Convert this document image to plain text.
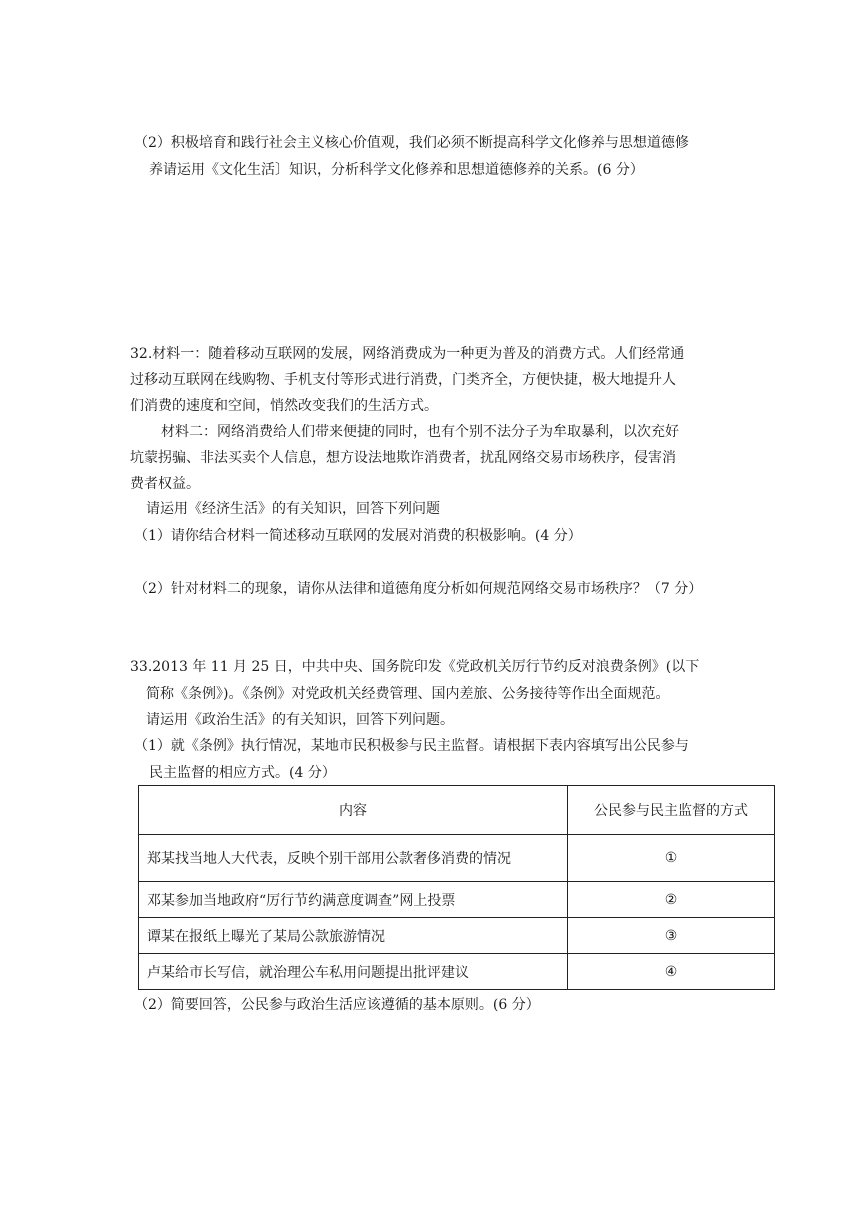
（2）积极培育和践行社会主义核心价值观，我们必须不断提高科学文化修养与思想道德修
养请运用《文化生活〕知识，分析科学文化修养和思想道德修养的关系。(6 分）
32.材料一：随着移动互联网的发展，网络消费成为一种更为普及的消费方式。人们经常通
过移动互联网在线购物、手机支付等形式进行消费，门类齐全，方便快捷，极大地提升人
们消费的速度和空间，悄然改变我们的生活方式。
材料二：网络消费给人们带来便捷的同时，也有个别不法分子为牟取暴利，以次充好
坑蒙拐骗、非法买卖个人信息，想方设法地欺诈消费者，扰乱网络交易市场秩序，侵害消
费者权益。
请运用《经济生活》的有关知识，回答下列问题
（1）请你结合材料一简述移动互联网的发展对消费的积极影响。(4 分）
（2）针对材料二的现象，请你从法律和道德角度分析如何规范网络交易市场秩序？（7 分）
33.2013 年 11 月 25 日，中共中央、国务院印发《党政机关厉行节约反对浪费条例》(以下
简称《条例》)。《条例》对党政机关经费管理、国内差旅、公务接待等作出全面规范。
请运用《政治生活》的有关知识，回答下列问题。
（1）就《条例》执行情况，某地市民积极参与民主监督。请根据下表内容填写出公民参与
民主监督的相应方式。(4 分）
内容	公民参与民主监督的方式
郑某找当地人大代表，反映个别干部用公款奢侈消费的情况	①
邓某参加当地政府“厉行节约满意度调查”网上投票	②
谭某在报纸上曝光了某局公款旅游情况	③
卢某给市长写信，就治理公车私用问题提出批评建议	④
（2）简要回答，公民参与政治生活应该遵循的基本原则。(6 分）
